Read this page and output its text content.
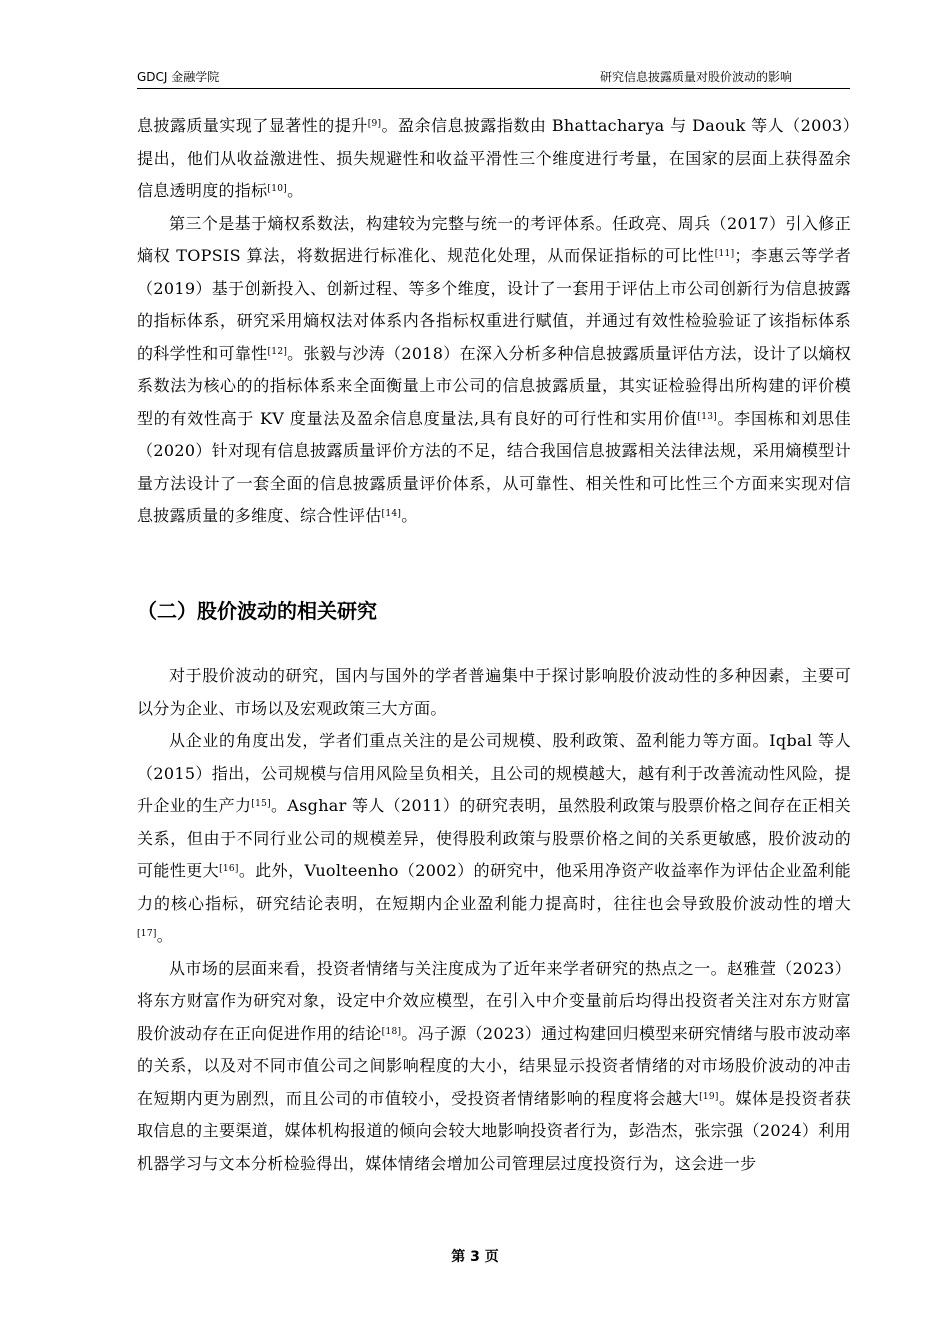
GDCJ 金融学院	研究信息披露质量对股价波动的影响

息披露质量实现了显著性的提升[9]。盈余信息披露指数由 Bhattacharya 与 Daouk 等人（2003）提出，他们从收益激进性、损失规避性和收益平滑性三个维度进行考量，在国家的层面上获得盈余信息透明度的指标[10]。

第三个是基于熵权系数法，构建较为完整与统一的考评体系。任政亮、周兵（2017）引入修正熵权 TOPSIS 算法，将数据进行标准化、规范化处理，从而保证指标的可比性[11]；李惠云等学者（2019）基于创新投入、创新过程、等多个维度，设计了一套用于评估上市公司创新行为信息披露的指标体系，研究采用熵权法对体系内各指标权重进行赋值，并通过有效性检验验证了该指标体系的科学性和可靠性[12]。张毅与沙涛（2018）在深入分析多种信息披露质量评估方法，设计了以熵权系数法为核心的的指标体系来全面衡量上市公司的信息披露质量，其实证检验得出所构建的评价模型的有效性高于 KV 度量法及盈余信息度量法,具有良好的可行性和实用价值[13]。李国栋和刘思佳（2020）针对现有信息披露质量评价方法的不足，结合我国信息披露相关法律法规，采用熵模型计量方法设计了一套全面的信息披露质量评价体系，从可靠性、相关性和可比性三个方面来实现对信息披露质量的多维度、综合性评估[14]。

（二）股价波动的相关研究

对于股价波动的研究，国内与国外的学者普遍集中于探讨影响股价波动性的多种因素，主要可以分为企业、市场以及宏观政策三大方面。

从企业的角度出发，学者们重点关注的是公司规模、股利政策、盈利能力等方面。Iqbal 等人（2015）指出，公司规模与信用风险呈负相关，且公司的规模越大，越有利于改善流动性风险，提升企业的生产力[15]。Asghar 等人（2011）的研究表明，虽然股利政策与股票价格之间存在正相关关系，但由于不同行业公司的规模差异，使得股利政策与股票价格之间的关系更敏感，股价波动的可能性更大[16]。此外，Vuolteenho（2002）的研究中，他采用净资产收益率作为评估企业盈利能力的核心指标，研究结论表明，在短期内企业盈利能力提高时，往往也会导致股价波动性的增大[17]。

从市场的层面来看，投资者情绪与关注度成为了近年来学者研究的热点之一。赵雅萱（2023）将东方财富作为研究对象，设定中介效应模型，在引入中介变量前后均得出投资者关注对东方财富股价波动存在正向促进作用的结论[18]。冯子源（2023）通过构建回归模型来研究情绪与股市波动率的关系，以及对不同市值公司之间影响程度的大小，结果显示投资者情绪的对市场股价波动的冲击在短期内更为剧烈，而且公司的市值较小，受投资者情绪影响的程度将会越大[19]。媒体是投资者获取信息的主要渠道，媒体机构报道的倾向会较大地影响投资者行为，彭浩杰，张宗强（2024）利用机器学习与文本分析检验得出，媒体情绪会增加公司管理层过度投资行为，这会进一步

第 3 页
